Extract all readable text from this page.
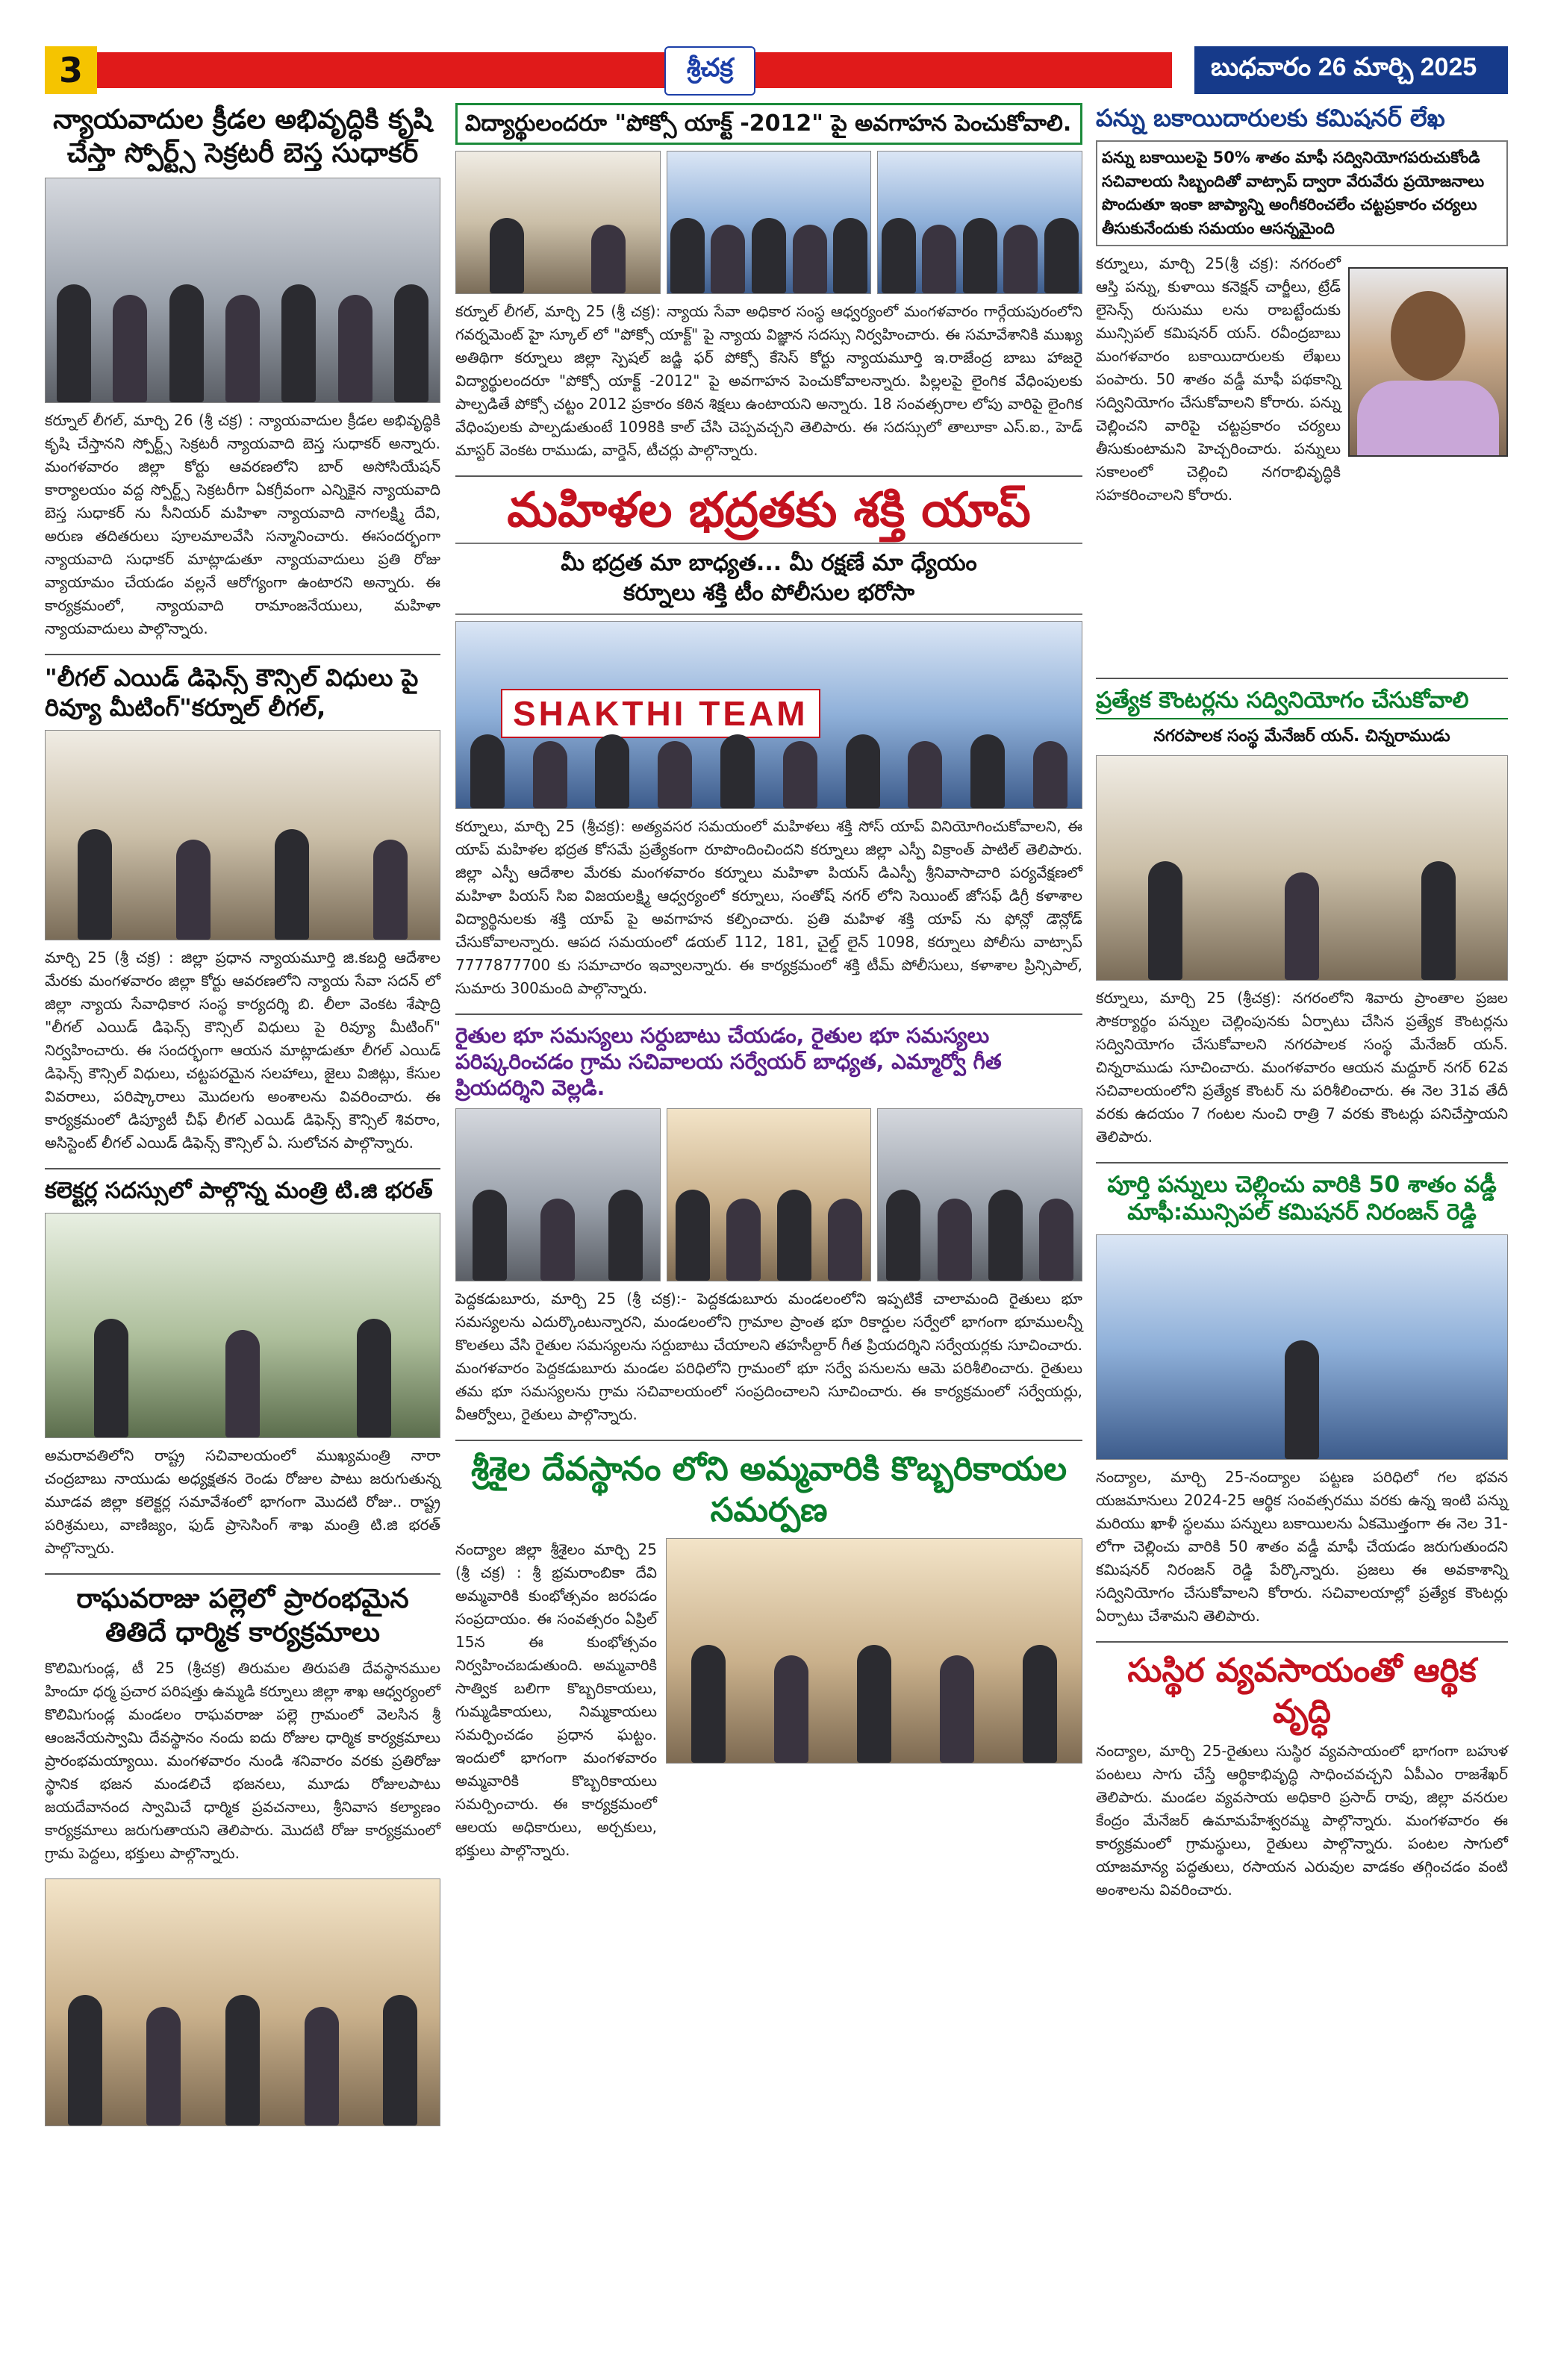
3	శ్రీచక్ర	బుధవారం 26 మార్చి 2025
న్యాయవాదుల క్రీడల అభివృద్ధికి కృషి చేస్తా స్పోర్ట్స్ సెక్రటరీ బెస్త సుధాకర్

కర్నూల్ లీగల్, మార్చి 26 (శ్రీ చక్ర) : న్యాయవాదుల క్రీడల అభివృద్ధికి కృషి చేస్తానని స్పోర్ట్స్ సెక్రటరీ న్యాయవాది బెస్త సుధాకర్ అన్నారు. మంగళవారం జిల్లా కోర్టు ఆవరణలోని బార్ అసోసియేషన్ కార్యాలయం వద్ద స్పోర్ట్స్ సెక్రటరీగా ఏకగ్రీవంగా ఎన్నికైన న్యాయవాది బెస్త సుధాకర్ ను సీనియర్ మహిళా న్యాయవాది నాగలక్ష్మి దేవి, అరుణ తదితరులు పూలమాలవేసి సన్మానించారు. ఈసందర్భంగా న్యాయవాది సుధాకర్ మాట్లాడుతూ న్యాయవాదులు ప్రతి రోజు వ్యాయామం చేయడం వల్లనే ఆరోగ్యంగా ఉంటారని అన్నారు. ఈ కార్యక్రమంలో, న్యాయవాది రామాంజనేయులు, మహిళా న్యాయవాదులు పాల్గొన్నారు.

"లీగల్ ఎయిడ్ డిఫెన్స్ కౌన్సిల్ విధులు పై రివ్యూ మీటింగ్"కర్నూల్ లీగల్,

మార్చి 25 (శ్రీ చక్ర) : జిల్లా ప్రధాన న్యాయమూర్తి జి.కబర్ది ఆదేశాల మేరకు మంగళవారం జిల్లా కోర్టు ఆవరణలోని న్యాయ సేవా సదన్ లో జిల్లా న్యాయ సేవాధికార సంస్థ కార్యదర్శి బి. లీలా వెంకట శేషాద్రి "లీగల్ ఎయిడ్ డిఫెన్స్ కౌన్సిల్ విధులు పై రివ్యూ మీటింగ్" నిర్వహించారు. ఈ సందర్భంగా ఆయన మాట్లాడుతూ లీగల్ ఎయిడ్ డిఫెన్స్ కౌన్సిల్ విధులు, చట్టపరమైన సలహాలు, జైలు విజిట్లు, కేసుల వివరాలు, పరిష్కారాలు మొదలగు అంశాలను వివరించారు. ఈ కార్యక్రమంలో డిప్యూటీ చీఫ్ లీగల్ ఎయిడ్ డిఫెన్స్ కౌన్సిల్ శివరాం, అసిస్టెంట్ లీగల్ ఎయిడ్ డిఫెన్స్ కౌన్సిల్ ఏ. సులోచన పాల్గొన్నారు.

కలెక్టర్ల సదస్సులో పాల్గొన్న మంత్రి టి.జి భరత్

అమరావతిలోని రాష్ట్ర సచివాలయంలో ముఖ్యమంత్రి నారా చంద్రబాబు నాయుడు అధ్యక్షతన రెండు రోజుల పాటు జరుగుతున్న మూడవ జిల్లా కలెక్టర్ల సమావేశంలో భాగంగా మొదటి రోజు.. రాష్ట్ర పరిశ్రమలు, వాణిజ్యం, ఫుడ్ ప్రాసెసింగ్ శాఖ మంత్రి టి.జి భరత్ పాల్గొన్నారు.

రాఘవరాజు పల్లెలో ప్రారంభమైన తితిదే ధార్మిక కార్యక్రమాలు

కొలిమిగుండ్ల, టీ 25 (శ్రీచక్ర) తిరుమల తిరుపతి దేవస్థానముల హిందూ ధర్మ ప్రచార పరిషత్తు ఉమ్మడి కర్నూలు జిల్లా శాఖ ఆధ్వర్యంలో కొలిమిగుండ్ల మండలం రాఘవరాజు పల్లె గ్రామంలో వెలసిన శ్రీ ఆంజనేయస్వామి దేవస్థానం నందు ఐదు రోజుల ధార్మిక కార్యక్రమాలు ప్రారంభమయ్యాయి. మంగళవారం నుండి శనివారం వరకు ప్రతిరోజు స్థానిక భజన మండలిచే భజనలు, మూడు రోజులపాటు జయదేవానంద స్వామిచే ధార్మిక ప్రవచనాలు, శ్రీనివాస కల్యాణం కార్యక్రమాలు జరుగుతాయని తెలిపారు. మొదటి రోజు కార్యక్రమంలో గ్రామ పెద్దలు, భక్తులు పాల్గొన్నారు.

విద్యార్థులందరూ "పోక్సో యాక్ట్ -2012" పై అవగాహన పెంచుకోవాలి.

కర్నూల్ లీగల్, మార్చి 25 (శ్రీ చక్ర): న్యాయ సేవా అధికార సంస్థ ఆధ్వర్యంలో మంగళవారం గార్గేయపురంలోని గవర్నమెంట్ హై స్కూల్ లో "పోక్సో యాక్ట్" పై న్యాయ విజ్ఞాన సదస్సు నిర్వహించారు. ఈ సమావేశానికి ముఖ్య అతిథిగా కర్నూలు జిల్లా స్పెషల్ జడ్జి ఫర్ పోక్సో కేసెస్ కోర్టు న్యాయమూర్తి ఇ.రాజేంద్ర బాబు హాజరై విద్యార్థులందరూ "పోక్సో యాక్ట్ -2012" పై అవగాహన పెంచుకోవాలన్నారు. పిల్లలపై లైంగిక వేధింపులకు పాల్పడితే పోక్సో చట్టం 2012 ప్రకారం కఠిన శిక్షలు ఉంటాయని అన్నారు. 18 సంవత్సరాల లోపు వారిపై లైంగిక వేధింపులకు పాల్పడుతుంటే 1098కి కాల్ చేసి చెప్పవచ్చని తెలిపారు. ఈ సదస్సులో తాలూకా ఎస్.ఐ., హెడ్ మాస్టర్ వెంకట రాముడు, వార్డెన్, టీచర్లు పాల్గొన్నారు.

మహిళల భద్రతకు శక్తి యాప్
మీ భద్రత మా బాధ్యత... మీ రక్షణే మా ధ్యేయం
కర్నూలు శక్తి టీం పోలీసుల భరోసా
SHAKTHI TEAM

కర్నూలు, మార్చి 25 (శ్రీచక్ర): అత్యవసర సమయంలో మహిళలు శక్తి సోస్ యాప్ వినియోగించుకోవాలని, ఈ యాప్ మహిళల భద్రత కోసమే ప్రత్యేకంగా రూపొందించిందని కర్నూలు జిల్లా ఎస్పీ విక్రాంత్ పాటిల్ తెలిపారు. జిల్లా ఎస్పీ ఆదేశాల మేరకు మంగళవారం కర్నూలు మహిళా పియస్ డిఎస్పీ శ్రీనివాసాచారి పర్యవేక్షణలో మహిళా పియస్ సిఐ విజయలక్ష్మి ఆధ్వర్యంలో కర్నూలు, సంతోష్ నగర్ లోని సెయింట్ జోసఫ్ డిగ్రీ కళాశాల విద్యార్థినులకు శక్తి యాప్ పై అవగాహన కల్పించారు. ప్రతి మహిళ శక్తి యాప్ ను ఫోన్లో డౌన్లోడ్ చేసుకోవాలన్నారు. ఆపద సమయంలో డయల్ 112, 181, చైల్డ్ లైన్ 1098, కర్నూలు పోలీసు వాట్సాప్ 7777877700 కు సమాచారం ఇవ్వాలన్నారు. ఈ కార్యక్రమంలో శక్తి టీమ్ పోలీసులు, కళాశాల ప్రిన్సిపాల్, సుమారు 300మంది పాల్గొన్నారు.

రైతుల భూ సమస్యలు సర్దుబాటు చేయడం, రైతుల భూ సమస్యలు పరిష్కరించడం గ్రామ సచివాలయ సర్వేయర్ బాధ్యత, ఎమ్మార్వో గీత ప్రియదర్శిని వెల్లడి.

పెద్దకడుబూరు, మార్చి 25 (శ్రీ చక్ర):- పెద్దకడుబూరు మండలంలోని ఇప్పటికే చాలామంది రైతులు భూ సమస్యలను ఎదుర్కొంటున్నారని, మండలంలోని గ్రామాల ప్రాంత భూ రికార్డుల సర్వేలో భాగంగా భూములన్నీ కొలతలు వేసి రైతుల సమస్యలను సర్దుబాటు చేయాలని తహసీల్దార్ గీత ప్రియదర్శిని సర్వేయర్లకు సూచించారు. మంగళవారం పెద్దకడుబూరు మండల పరిధిలోని గ్రామంలో భూ సర్వే పనులను ఆమె పరిశీలించారు. రైతులు తమ భూ సమస్యలను గ్రామ సచివాలయంలో సంప్రదించాలని సూచించారు. ఈ కార్యక్రమంలో సర్వేయర్లు, వీఆర్వోలు, రైతులు పాల్గొన్నారు.

శ్రీశైల దేవస్థానం లోని అమ్మవారికి కొబ్బరికాయల సమర్పణ

నంద్యాల జిల్లా శ్రీశైలం మార్చి 25 (శ్రీ చక్ర) : శ్రీ భ్రమరాంబికా దేవి అమ్మవారికి కుంభోత్సవం జరపడం సంప్రదాయం. ఈ సంవత్సరం ఏప్రిల్ 15న ఈ కుంభోత్సవం నిర్వహించబడుతుంది. అమ్మవారికి సాత్విక బలిగా కొబ్బరికాయలు, గుమ్మడికాయలు, నిమ్మకాయలు సమర్పించడం ప్రధాన ఘట్టం. ఇందులో భాగంగా మంగళవారం అమ్మవారికి కొబ్బరికాయలు సమర్పించారు. ఈ కార్యక్రమంలో ఆలయ అధికారులు, అర్చకులు, భక్తులు పాల్గొన్నారు.

పన్ను బకాయిదారులకు కమిషనర్ లేఖ
పన్ను బకాయిలపై 50% శాతం మాఫీ సద్వినియోగపరుచుకోండి సచివాలయ సిబ్బందితో వాట్సాప్ ద్వారా వేరువేరు ప్రయోజనాలు పొందుతూ ఇంకా జాప్యాన్ని అంగీకరించలేం చట్టప్రకారం చర్యలు తీసుకునేందుకు సమయం ఆసన్నమైంది

కర్నూలు, మార్చి 25(శ్రీ చక్ర): నగరంలో ఆస్తి పన్ను, కుళాయి కనెక్షన్ చార్జీలు, ట్రేడ్ లైసెన్స్ రుసుము లను రాబట్టేందుకు మున్సిపల్ కమిషనర్ యస్. రవీంద్రబాబు మంగళవారం బకాయిదారులకు లేఖలు పంపారు. 50 శాతం వడ్డీ మాఫీ పథకాన్ని సద్వినియోగం చేసుకోవాలని కోరారు. పన్ను చెల్లించని వారిపై చట్టప్రకారం చర్యలు తీసుకుంటామని హెచ్చరించారు. పన్నులు సకాలంలో చెల్లించి నగరాభివృద్ధికి సహకరించాలని కోరారు.

ప్రత్యేక కౌంటర్లను సద్వినియోగం చేసుకోవాలి
నగరపాలక సంస్థ మేనేజర్ యన్. చిన్నరాముడు

కర్నూలు, మార్చి 25 (శ్రీచక్ర): నగరంలోని శివారు ప్రాంతాల ప్రజల సౌకర్యార్థం పన్నుల చెల్లింపునకు ఏర్పాటు చేసిన ప్రత్యేక కౌంటర్లను సద్వినియోగం చేసుకోవాలని నగరపాలక సంస్థ మేనేజర్ యన్. చిన్నరాముడు సూచించారు. మంగళవారం ఆయన మద్దూర్ నగర్ 62వ సచివాలయంలోని ప్రత్యేక కౌంటర్ ను పరిశీలించారు. ఈ నెల 31వ తేదీ వరకు ఉదయం 7 గంటల నుంచి రాత్రి 7 వరకు కౌంటర్లు పనిచేస్తాయని తెలిపారు.

పూర్తి పన్నులు చెల్లించు వారికి 50 శాతం వడ్డీ మాఫీ:మున్సిపల్ కమిషనర్ నిరంజన్ రెడ్డి

నంద్యాల, మార్చి 25-నంద్యాల పట్టణ పరిధిలో గల భవన యజమానులు 2024-25 ఆర్థిక సంవత్సరము వరకు ఉన్న ఇంటి పన్ను మరియు ఖాళీ స్థలము పన్నులు బకాయిలను ఏకమొత్తంగా ఈ నెల 31-లోగా చెల్లించు వారికి 50 శాతం వడ్డీ మాఫీ చేయడం జరుగుతుందని కమిషనర్ నిరంజన్ రెడ్డి పేర్కొన్నారు. ప్రజలు ఈ అవకాశాన్ని సద్వినియోగం చేసుకోవాలని కోరారు. సచివాలయాల్లో ప్రత్యేక కౌంటర్లు ఏర్పాటు చేశామని తెలిపారు.

సుస్థిర వ్యవసాయంతో ఆర్థిక వృద్ధి

నంద్యాల, మార్చి 25-రైతులు సుస్థిర వ్యవసాయంలో భాగంగా బహుళ పంటలు సాగు చేస్తే ఆర్థికాభివృద్ధి సాధించవచ్చని ఏపీఎం రాజశేఖర్ తెలిపారు. మండల వ్యవసాయ అధికారి ప్రసాద్ రావు, జిల్లా వనరుల కేంద్రం మేనేజర్ ఉమామహేశ్వరమ్మ పాల్గొన్నారు. మంగళవారం ఈ కార్యక్రమంలో గ్రామస్థులు, రైతులు పాల్గొన్నారు. పంటల సాగులో యాజమాన్య పద్ధతులు, రసాయన ఎరువుల వాడకం తగ్గించడం వంటి అంశాలను వివరించారు.
